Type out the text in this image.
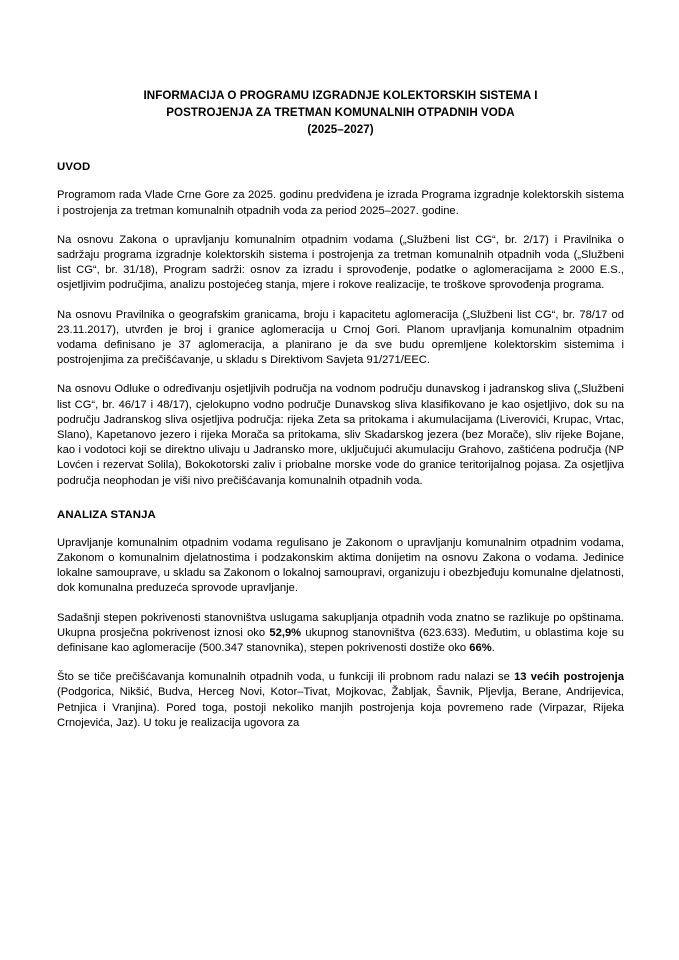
INFORMACIJA O PROGRAMU IZGRADNJE KOLEKTORSKIH SISTEMA I
POSTROJENJA ZA TRETMAN KOMUNALNIH OTPADNIH VODA
(2025–2027)
UVOD

Programom rada Vlade Crne Gore za 2025. godinu predviđena je izrada Programa izgradnje kolektorskih sistema i postrojenja za tretman komunalnih otpadnih voda za period 2025–2027. godine.

Na osnovu Zakona o upravljanju komunalnim otpadnim vodama („Službeni list CG“, br. 2/17) i Pravilnika o sadržaju programa izgradnje kolektorskih sistema i postrojenja za tretman komunalnih otpadnih voda („Službeni list CG“, br. 31/18), Program sadrži: osnov za izradu i sprovođenje, podatke o aglomeracijama ≥ 2000 E.S., osjetljivim područjima, analizu postojećeg stanja, mjere i rokove realizacije, te troškove sprovođenja programa.

Na osnovu Pravilnika o geografskim granicama, broju i kapacitetu aglomeracija („Službeni list CG“, br. 78/17 od 23.11.2017), utvrđen je broj i granice aglomeracija u Crnoj Gori. Planom upravljanja komunalnim otpadnim vodama definisano je 37 aglomeracija, a planirano je da sve budu opremljene kolektorskim sistemima i postrojenjima za prečišćavanje, u skladu s Direktivom Savjeta 91/271/EEC.

Na osnovu Odluke o određivanju osjetljivih područja na vodnom području dunavskog i jadranskog sliva („Službeni list CG“, br. 46/17 i 48/17), cjelokupno vodno područje Dunavskog sliva klasifikovano je kao osjetljivo, dok su na području Jadranskog sliva osjetljiva područja: rijeka Zeta sa pritokama i akumulacijama (Liverovići, Krupac, Vrtac, Slano), Kapetanovo jezero i rijeka Morača sa pritokama, sliv Skadarskog jezera (bez Morače), sliv rijeke Bojane, kao i vodotoci koji se direktno ulivaju u Jadransko more, uključujući akumulaciju Grahovo, zaštićena područja (NP Lovćen i rezervat Solila), Bokokotorski zaliv i priobalne morske vode do granice teritorijalnog pojasa. Za osjetljiva područja neophodan je viši nivo prečišćavanja komunalnih otpadnih voda.

ANALIZA STANJA

Upravljanje komunalnim otpadnim vodama regulisano je Zakonom o upravljanju komunalnim otpadnim vodama, Zakonom o komunalnim djelatnostima i podzakonskim aktima donijetim na osnovu Zakona o vodama. Jedinice lokalne samouprave, u skladu sa Zakonom o lokalnoj samoupravi, organizuju i obezbjeđuju komunalne djelatnosti, dok komunalna preduzeća sprovode upravljanje.

Sadašnji stepen pokrivenosti stanovništva uslugama sakupljanja otpadnih voda znatno se razlikuje po opštinama. Ukupna prosječna pokrivenost iznosi oko 52,9% ukupnog stanovništva (623.633). Međutim, u oblastima koje su definisane kao aglomeracije (500.347 stanovnika), stepen pokrivenosti dostiže oko 66%.

Što se tiče prečišćavanja komunalnih otpadnih voda, u funkciji ili probnom radu nalazi se 13 većih postrojenja (Podgorica, Nikšić, Budva, Herceg Novi, Kotor–Tivat, Mojkovac, Žabljak, Šavnik, Pljevlja, Berane, Andrijevica, Petnjica i Vranjina). Pored toga, postoji nekoliko manjih postrojenja koja povremeno rade (Virpazar, Rijeka Crnojevića, Jaz). U toku je realizacija ugovora za
